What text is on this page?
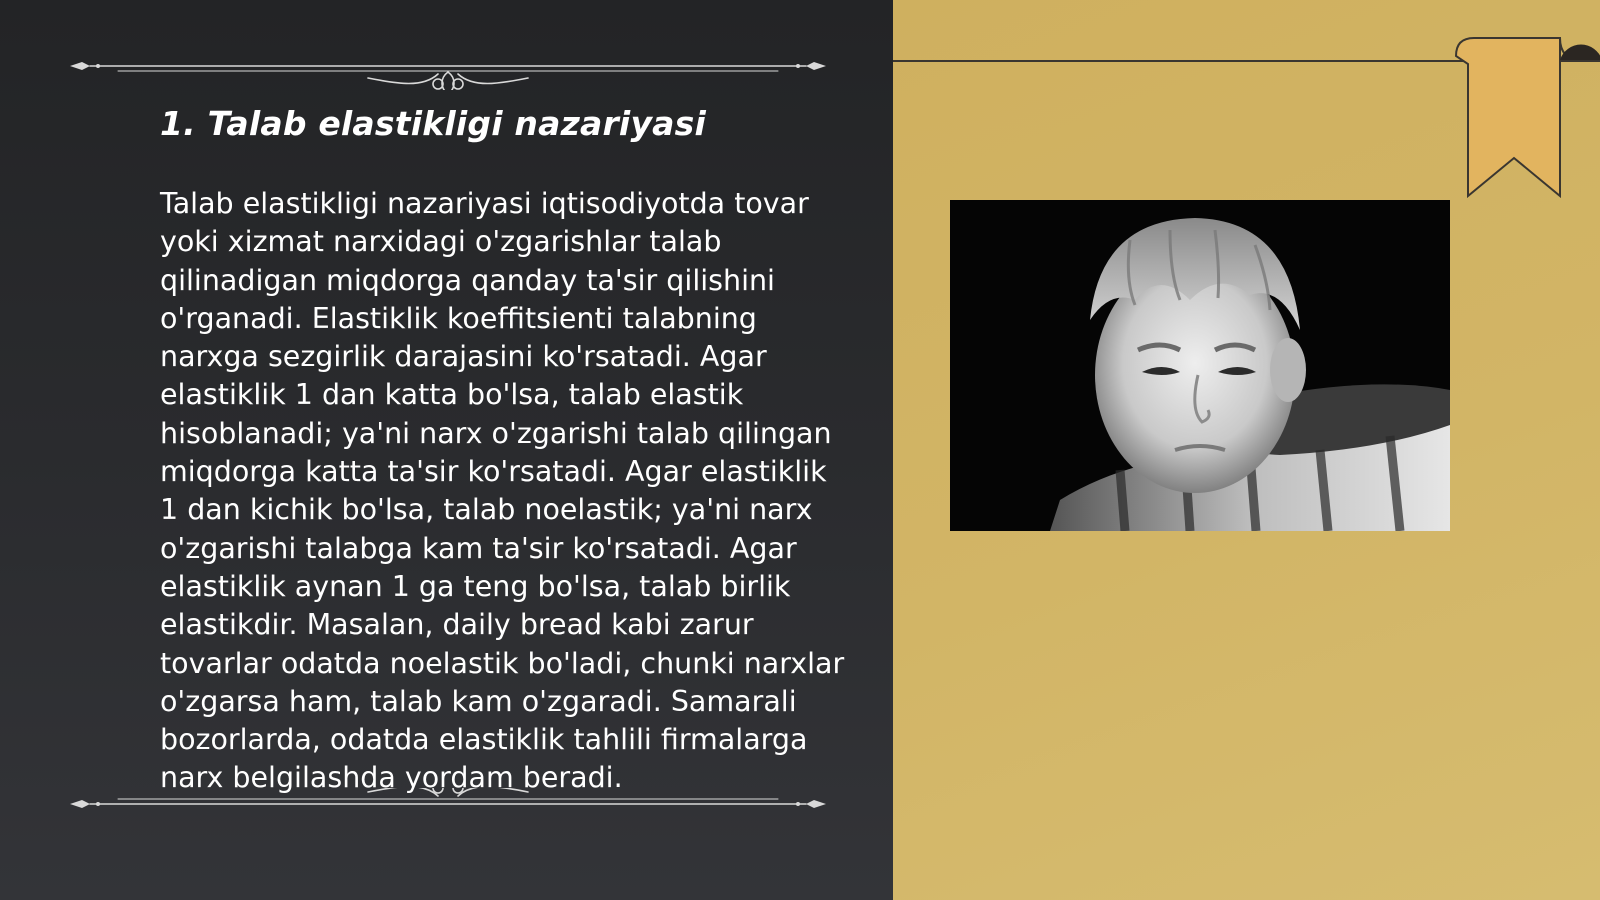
1. Talab elastikligi nazariyasi

Talab elastikligi nazariyasi iqtisodiyotda tovar yoki xizmat narxidagi o'zgarishlar talab qilinadigan miqdorga qanday ta'sir qilishini o'rganadi. Elastiklik koeffitsienti talabning narxga sezgirlik darajasini ko'rsatadi. Agar elastiklik 1 dan katta bo'lsa, talab elastik hisoblanadi; ya'ni narx o'zgarishi talab qilingan miqdorga katta ta'sir ko'rsatadi. Agar elastiklik 1 dan kichik bo'lsa, talab noelastik; ya'ni narx o'zgarishi talabga kam ta'sir ko'rsatadi. Agar elastiklik aynan 1 ga teng bo'lsa, talab birlik elastikdir. Masalan, daily bread kabi zarur tovarlar odatda noelastik bo'ladi, chunki narxlar o'zgarsa ham, talab kam o'zgaradi. Samarali bozorlarda, odatda elastiklik tahlili firmalarga narx belgilashda yordam beradi.
